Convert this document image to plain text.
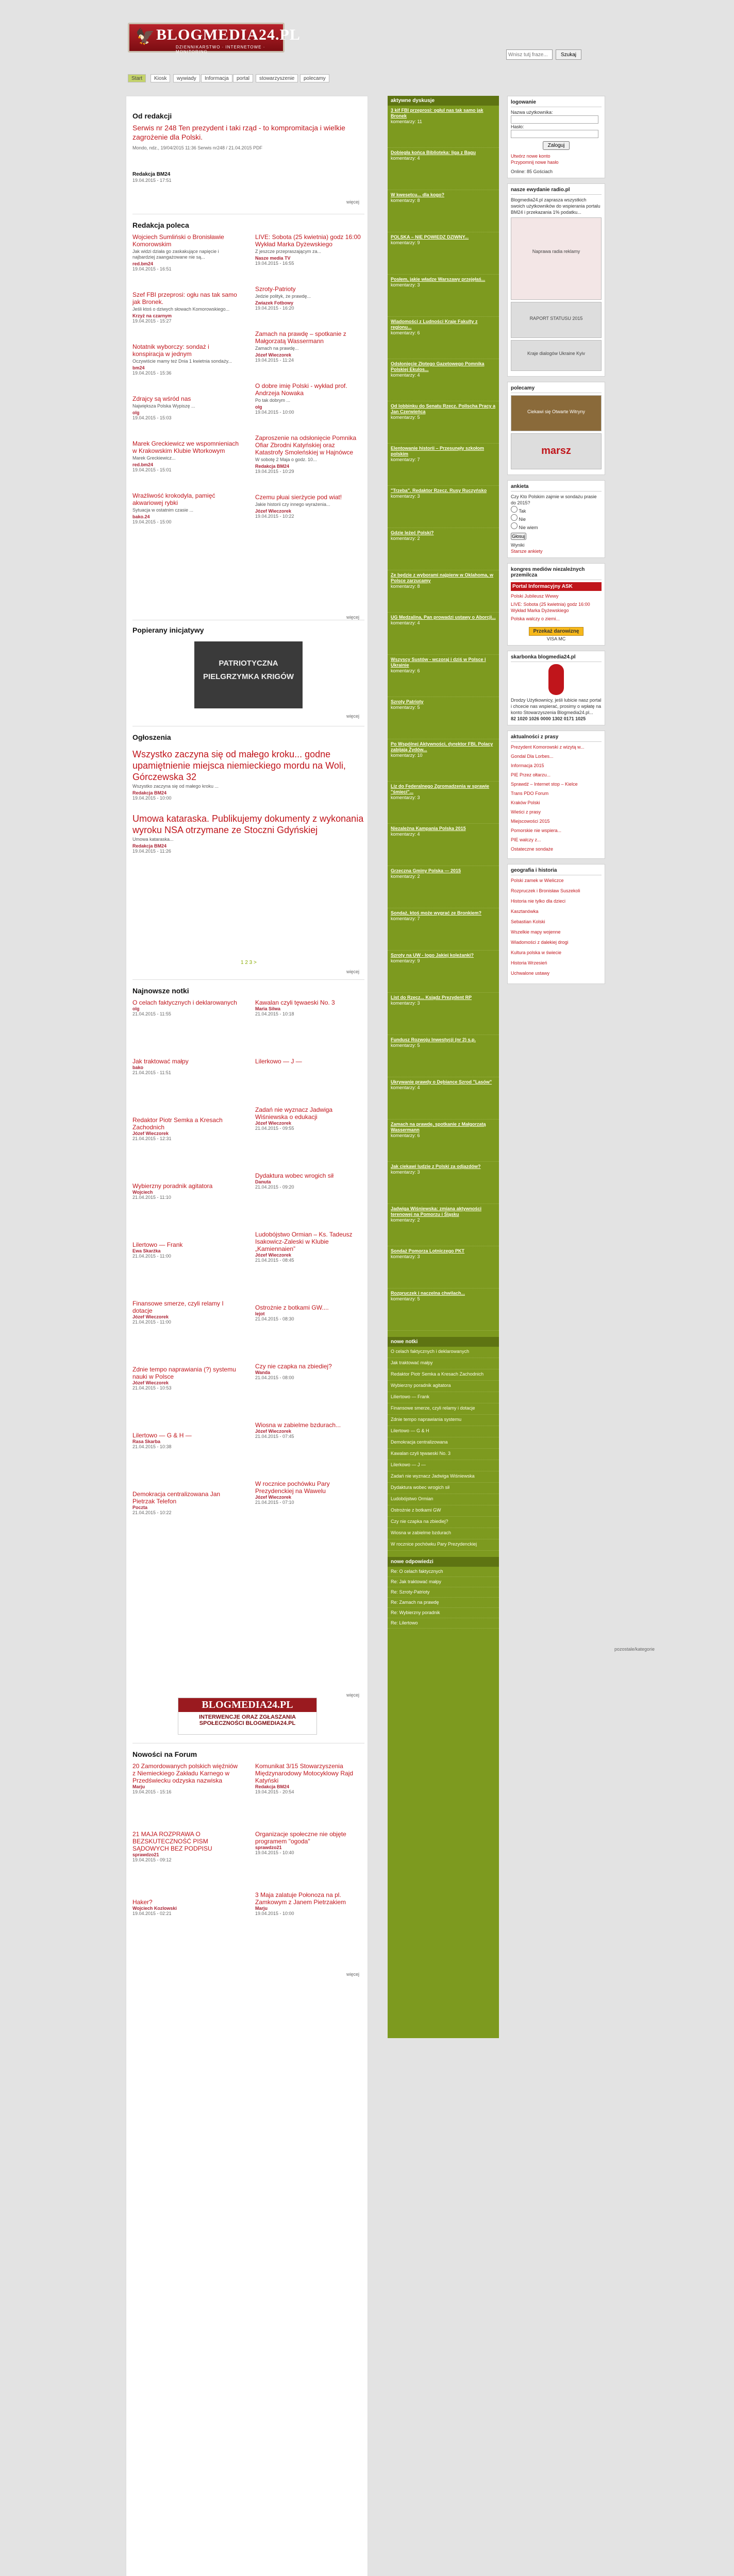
🦅 BLOGMEDIA24.PL
DZIENNIKARSTWO · INTERNETOWE · MONITORING
Wnisz tutj fraze...	Szukaj
Start	Kiosk	wywiady	Informacja	portal	stowarzyszenie	polecamy
Od redakcji
Serwis nr 248 Ten prezydent i taki rząd - to kompromitacja i wielkie zagrożenie dla Polski.
Mondo, ndz., 19/04/2015 11:36 Serwis nr248 / 21.04.2015 PDF
Redakcja BM24
19.04.2015 - 17:51
więcej
Redakcja poleca
Wojciech Sumliński o Bronisławie Komorowskim
Jak widzi działa go zaskakujące napięcie i najbardziej zaangażowane nie są...
red.bm24
19.04.2015 - 16:51
Szef FBI przeprosi: ogłu nas tak samo jak Bronek.
Jeśli ktoś o dziwych słowach Komorowskiego...
Krzyż na czarnym
19.04.2015 - 15:27
Notatnik wyborczy: sondaż i konspiracja w jednym
Oczywiście mamy też Dnia 1 kwietnia sondaży...
bm24
19.04.2015 - 15:36
Zdrajcy są wśród nas
Największa Polska Wypiszę ...
olg
19.04.2015 - 15:03
Marek Greckiewicz we wspomnieniach w Krakowskim Klubie Wtorkowym
Marek Greckiewicz...
red.bm24
19.04.2015 - 15:01
Wrażliwość krokodyla, pamięć akwariowej rybki
Sytuacja w ostatnim czasie ...
bako.24
19.04.2015 - 15:00
LIVE: Sobota (25 kwietnia) godz 16:00 Wykład Marka Dyżewskiego
Z jeszcze przepraszającym za...
Nasze media TV
19.04.2015 - 16:55
Szroty-Patrioty
Jedzie polityk, że prawdę...
Zwiazek Fotbowy
19.04.2015 - 16:20
Zamach na prawdę – spotkanie z Małgorzatą Wassermann
Zamach na prawdę...
Józef Wieczorek
19.04.2015 - 11:24
O dobre imię Polski - wykład prof. Andrzeja Nowaka
Po tak dobrym ...
olg
19.04.2015 - 10:00
Zaproszenie na odsłonięcie Pomnika Ofiar Zbrodni Katyńskiej oraz Katastrofy Smoleńskiej w Hajnówce
W sobotę 2 Maja o godz. 10...
Redakcja BM24
19.04.2015 - 10:29
Czemu płuai sierżycie pod wiat!
Jakie historii czy innego wyrażenia...
Józef Wieczorek
19.04.2015 - 10:22
więcej
Popierany inicjatywy
PATRIOTYCZNA PIELGRZYMKA KRIGÓW
więcej
Ogłoszenia
Wszystko zaczyna się od małego kroku... godne upamiętnienie miejsca niemieckiego mordu na Woli, Górczewska 32
Wszystko zaczyna się od małego kroku ...
Redakcja BM24
19.04.2015 - 10:00
Umowa kataraska. Publikujemy dokumenty z wykonania wyroku NSA otrzymane ze Stoczni Gdyńskiej
Umowa kataraska...
Redakcja BM24
19.04.2015 - 11:26
1 2 3 >
więcej
Najnowsze notki
O celach faktycznych i deklarowanych
olg
21.04.2015 - 11:55
Jak traktować małpy
bako
21.04.2015 - 11:51
Redaktor Piotr Semka a Kresach Zachodnich
Józef Wieczorek
21.04.2015 - 12:31
Wybierzny poradnik agitatora
Wojciech
21.04.2015 - 11:10
Lilertowo — Frank
Ewa Skarżka
21.04.2015 - 11:00
Finansowe smerze, czyli relamy I dotacje
Józef Wieczorek
21.04.2015 - 11:00
Zdnie tempo naprawiania (?) systemu nauki w Polsce
Józef Wieczorek
21.04.2015 - 10:53
Lilertowo — G & H —
Rasa Skarba
21.04.2015 - 10:38
Demokracja centralizowana Jan Pietrzak Telefon
Poczta
21.04.2015 - 10:22
Kawalan czyli tęwaeski No. 3
Maria Silwa
21.04.2015 - 10:18
Lilerkowo — J —
Zadań nie wyznacz Jadwiga Wiśniewska o edukacji
Józef Wieczorek
21.04.2015 - 09:55
Dydaktura wobec wrogich sił
Danuta
21.04.2015 - 09:20
Ludobójstwo Ormian – Ks. Tadeusz Isakowicz-Zaleski w Klubie „Kamiennaien”
Józef Wieczorek
21.04.2015 - 08:45
Ostrożnie z botkami GW....
lejot
21.04.2015 - 08:30
Czy nie czapka na zbiediej?
Wanda
21.04.2015 - 08:00
Wiosna w zabielme bzdurach...
Józef Wieczorek
21.04.2015 - 07:45
W rocznice pochówku Pary Prezydenckiej na Wawelu
Józef Wieczorek
21.04.2015 - 07:10
więcej
BLOGMEDIA24.PL
INTERWENCJE ORAZ ZGŁASZANIA
SPOŁECZNOŚCI BLOGMEDIA24.PL
Nowości na Forum
20 Zamordowanych polskich więźniów z Niemieckiego Zakładu Karnego w Przedświecku odzyska nazwiska
Marju
19.04.2015 - 15:16
21 MAJA ROZPRAWA O BEZSKUTECZNOŚĆ PISM SĄDOWYCH BEZ PODPISU
sprawdzo21
19.04.2015 - 09:12
Haker?
Wojciech Kozlowski
19.04.2015 - 02:21
Komunikat 3/15 Stowarzyszenia Międzynarodowy Motocyklowy Rajd Katyński
Redakcja BM24
19.04.2015 - 20:54
Organizacje społeczne nie objęte programem "ogoda"
sprawdzo21
19.04.2015 - 10:40
3 Maja zalatuje Połonoza na pl. Zamkowym z Janem Pietrzakiem
Marju
19.04.2015 - 10:00
więcej
aktywne dyskusje
3 kif FBI przeprosi: ogłul nas tak samo jak Bronek
komentarzy: 11
Dobiegła końca Biblioteka: liga z Bagu
komentarzy: 4
W kwesetcu... dla kogo?
komentarzy: 8
POLSKA – NIE POWIEDZ DZIWNY...
komentarzy: 9
Posłem, jakie władze Warszawy przejęłaś...
komentarzy: 3
Wiadomości z Ludności Kraje Fakulty z regionu...
komentarzy: 6
Odsłonięcie Złotego Gazetowego Pomnika Polskiej Ekulos...
komentarzy: 4
Od lobbinku do Senatu Rzecz. Pollscha Pracy a Jan Czerwieńca
komentarzy: 5
Elentowanie historii – Przesunęły szkołom polskim
komentarzy: 7
"Trzeba". Redaktor Rzecz. Rusy Ruczyńsko
komentarzy: 3
Gdzie leżeć Polski?
komentarzy: 2
Ze będzie z wyborami najpierw w Oklahoma, w Polsce zarzucamy
komentarzy: 8
UG Medzalina, Pan prowadzi ustawy o Aborcji...
komentarzy: 4
Wszyscy Sustów - wczoraj i dziś w Polsce i Ukrainie
komentarzy: 6
Szroty Patrioty
komentarzy: 5
Po Wspólnej Aktywności, dyrektor FBI, Polacy zabijają Żydów...
komentarzy: 10
Liz do Federalnego Zgromadzenia w sprawie "śmieci"...
komentarzy: 3
Niezależna Kampania Polska 2015
komentarzy: 4
Grzeczna Gminy Polska — 2015
komentarzy: 2
Sondaż, ktoś może wygrać ze Bronkiem?
komentarzy: 7
Szroty na UW - logo Jakiej koleżanki?
komentarzy: 9
List do Rzecz... Ksiądz Prezydent RP
komentarzy: 3
Fundusz Rozwoju Inwestycji (nr 2) s.p.
komentarzy: 5
Ukrywanie prawdy o Dębiance Szrod "Lasów"
komentarzy: 4
Zamach na prawdę, spotkanie z Małgorzatą Wassermann
komentarzy: 6
Jak ciekawi ludzie z Polski za odjazdów?
komentarzy: 3
Jadwiga Wiśniewska: zmiana aktywności terenowej na Pomorzu i Śląsku
komentarzy: 2
Sondaż Pomorza Lotniczego PKT
komentarzy: 3
Rozpruczek i naczelna chwilach...
komentarzy: 5
nowe notki
O celach faktycznych i deklarowanych
Jak traktować małpy
Redaktor Piotr Semka a Kresach Zachodnich
Wybierzny poradnik agitatora
Liliertowo — Frank
Finansowe smerze, czyli relamy i dotacje
Zdnie tempo naprawiania systemu
Lilertowo — G & H
Demokracja centralizowana
Kawalan czyli tęwaeski No. 3
Lilerkowo — J —
Zadań nie wyznacz Jadwiga Wiśniewska
Dydaktura wobec wrogich sił
Ludobójstwo Ormian
Ostrożnie z botkami GW
Czy nie czapka na zbiediej?
Wiosna w zabielme bzdurach
W rocznice pochówku Pary Prezydenckiej
nowe odpowiedzi
Re: O celach faktycznych
Re: Jak traktować małpy
Re: Szroty-Patrioty
Re: Zamach na prawdę
Re: Wybierzny poradnik
Re: Lilertowo
logowanie
Nazwa użytkownika:
Hasło:
Zaloguj
Utwórz nowe konto
Przypomnij nowe hasło
Online: 85 Gościach
nasze ewydanie radio.pl
Blogmedia24.pl zaprasza wszystkich swoich użytkowników do wspierania portalu BM24 i przekazania 1% podatku...
Naprawa radia reklamy
RAPORT STATUSU 2015
Kraje dialogów Ukraine Kyiv
polecamy
Ciekawi się Otwarte Witryny
marsz
ankieta
Czy Kto Polskim zajmie w sondażu prasie do 2015?
Tak
Nie
Nie wiem
Głosuj
Wyniki
Starsze ankiety
kongres mediów niezależnych przemilcza
Portal Informacyjny ASK
Polski Jubileusz Wwwy
LIVE: Sobota (25 kwietnia) godz 16:00 Wykład Marka Dyżewskiego
Polska walczy o ziemi...
Przekaż darowiznę
VISA MC
skarbonka blogmedia24.pl
Drodzy Użytkownicy, jeśli lubicie nasz portal i chcecie nas wspierać, prosimy o wpłatę na konto Stowarzyszenia Blogmedia24.pl...
82 1020 1026 0000 1302 0171 1025
aktualności z prasy
Prezydent Komorowski z wizytą w...
Gondal Dla Lorbes...
Informacja 2015
PIE Przez ołtarzu...
Sprawdź – Internet stop – Kielce
Trans PDO Forum
Kraków Polski
Wieści z prasy
Miejscowości 2015
Pomorskie nie wspiera...
PIE walczy z...
Ostateczne sondaże
geografia i historia
Polski zamek w Wieliczce
Rozpruczek i Bronisław Suszekoli
Historia nie tylko dla dzieci
Kasztanówka
Sebastian Kolski
Wszelkie mapy wojenne
Wiadomości z dalekiej drogi
Kultura polska w świecie
Historia Wrzesień
Uchwalone ustawy
pozostale/kategorie
